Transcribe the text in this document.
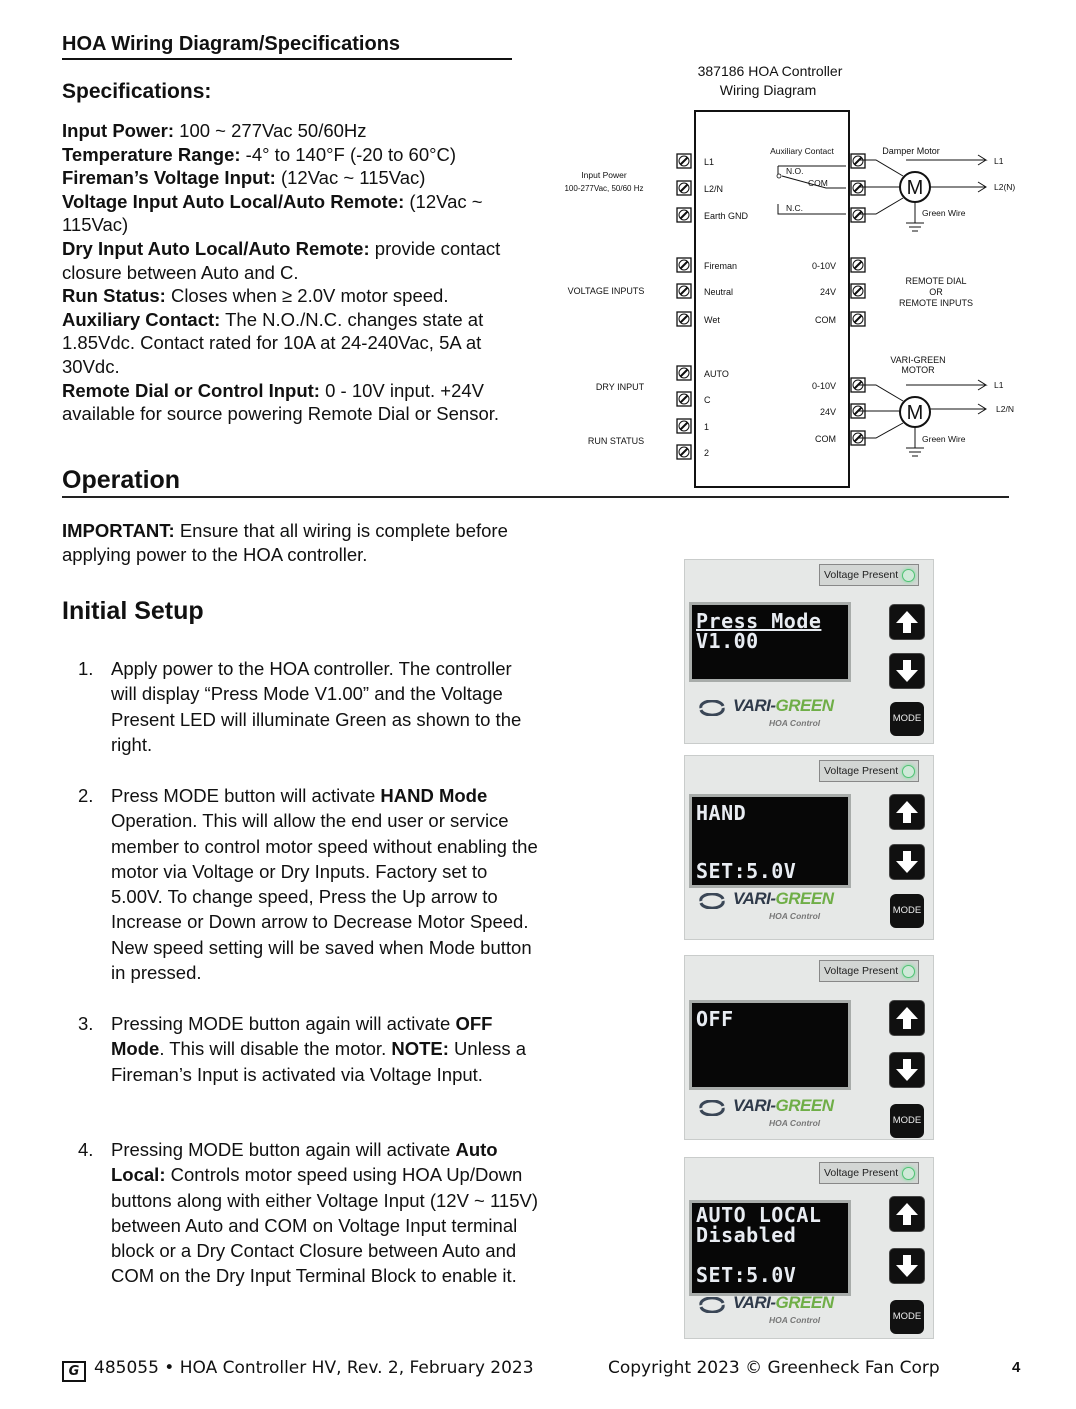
HOA Wiring Diagram/Specifications
Specifications:

Input Power: 100 ~ 277Vac 50/60Hz

Temperature Range: -4° to 140°F (-20 to 60°C)

Fireman’s Voltage Input: (12Vac ~ 115Vac)

Voltage Input Auto Local/Auto Remote: (12Vac ~ 115Vac)

Dry Input Auto Local/Auto Remote: provide contact closure between Auto and C.

Run Status: Closes when ≥ 2.0V motor speed.

Auxiliary Contact: The N.O./N.C. changes state at 1.85Vdc. Contact rated for 10A at 24-240Vac, 5A at 30Vdc.

Remote Dial or Control Input: 0 - 10V input. +24V available for source powering Remote Dial or Sensor.

387186 HOA Controller
Wiring Diagram
Input Power
100-277Vac, 50/60 Hz
VOLTAGE INPUTS
DRY INPUT
RUN STATUS
L1
L2/N
Earth GND
Fireman	0-10V
Neutral	24V
Wet	COM
AUTO
C
1
2
0-10V
24V
COM
Auxiliary Contact
N.O.
COM
N.C.
Damper Motor
M
L1
L2(N)
Green Wire
REMOTE DIAL
OR
REMOTE INPUTS
VARI-GREEN
MOTOR
M
L1
L2/N
Green Wire
Operation
IMPORTANT: Ensure that all wiring is complete before applying power to the HOA controller.
Initial Setup
1. Apply power to the HOA controller. The controller will display “Press Mode V1.00” and the Voltage Present LED will illuminate Green as shown to the right.
2. Press MODE button will activate HAND Mode Operation. This will allow the end user or service member to control motor speed without enabling the motor via Voltage or Dry Inputs. Factory set to 5.00V. To change speed, Press the Up arrow to Increase or Down arrow to Decrease Motor Speed. New speed setting will be saved when Mode button in pressed.
3. Pressing MODE button again will activate OFF Mode. This will disable the motor. NOTE: Unless a Fireman’s Input is activated via Voltage Input.
4. Pressing MODE button again will activate Auto Local: Controls motor speed using HOA Up/Down buttons along with either Voltage Input (12V ~ 115V) between Auto and COM on Voltage Input terminal block or a Dry Contact Closure between Auto and COM on the Dry Input Terminal Block to enable it.
Voltage Present
Press Mode
V1.00
VARI-GREEN
HOA Control	MODE
Voltage Present
HAND
SET:5.0V
VARI-GREEN
HOA Control	MODE
Voltage Present
OFF
VARI-GREEN
HOA Control	MODE
Voltage Present
AUTO LOCAL
Disabled
SET:5.0V
VARI-GREEN
HOA Control	MODE
G 485055 • HOA Controller HV, Rev. 2, February 2023	Copyright 2023 © Greenheck Fan Corp	4
